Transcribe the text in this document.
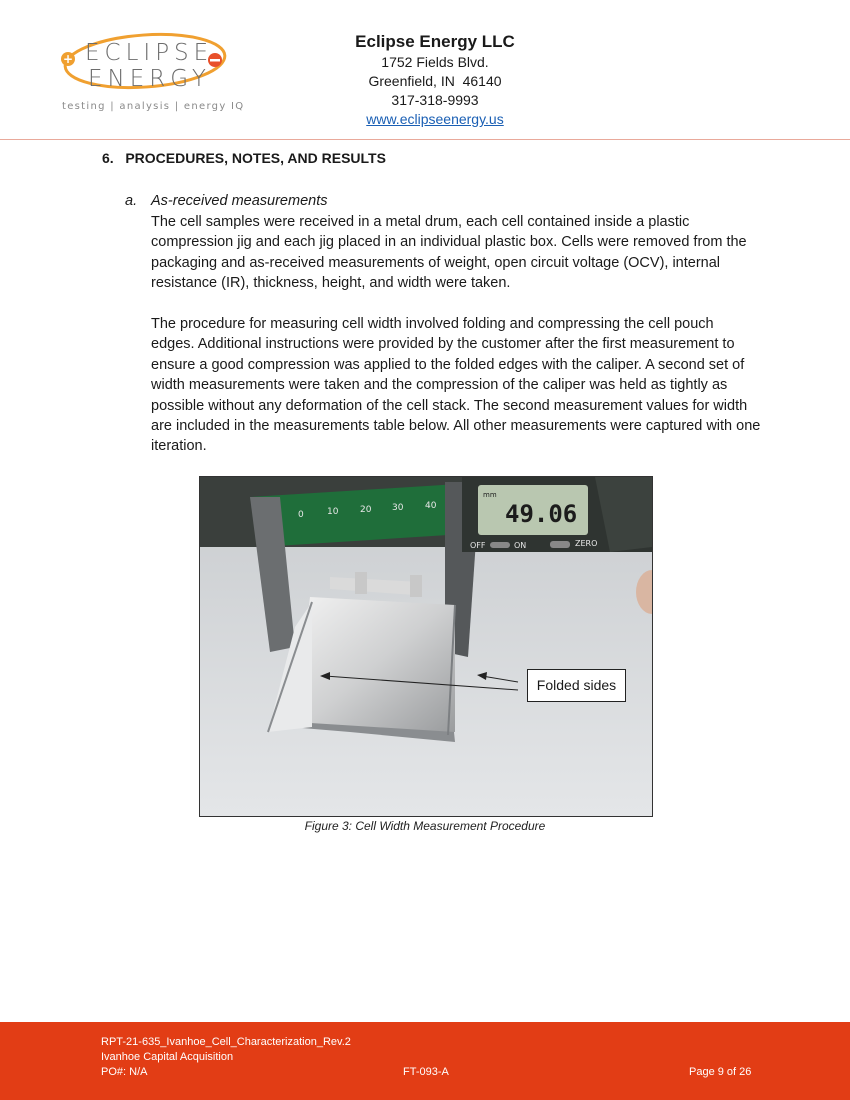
+ ECLIPSE
ENERGY
testing | analysis | energy IQ
Eclipse Energy LLC
1752 Fields Blvd.
Greenfield, IN  46140
317-318-9993
www.eclipseenergy.us
6.   PROCEDURES, NOTES, AND RESULTS
a. As-received measurements
The cell samples were received in a metal drum, each cell contained inside a plastic compression jig and each jig placed in an individual plastic box. Cells were removed from the packaging and as-received measurements of weight, open circuit voltage (OCV), internal resistance (IR), thickness, height, and width were taken.
The procedure for measuring cell width involved folding and compressing the cell pouch edges. Additional instructions were provided by the customer after the first measurement to ensure a good compression was applied to the folded edges with the caliper. A second set of width measurements were taken and the compression of the caliper was held as tightly as possible without any deformation of the cell stack. The second measurement values for width are included in the measurements table below. All other measurements were captured with one iteration.
0	10 20 30 40
mm
49.06
OFF	ON	ZERO
Folded sides
Figure 3: Cell Width Measurement Procedure
RPT-21-635_Ivanhoe_Cell_Characterization_Rev.2
Ivanhoe Capital Acquisition
PO#: N/A	FT-093-A	Page 9 of 26
